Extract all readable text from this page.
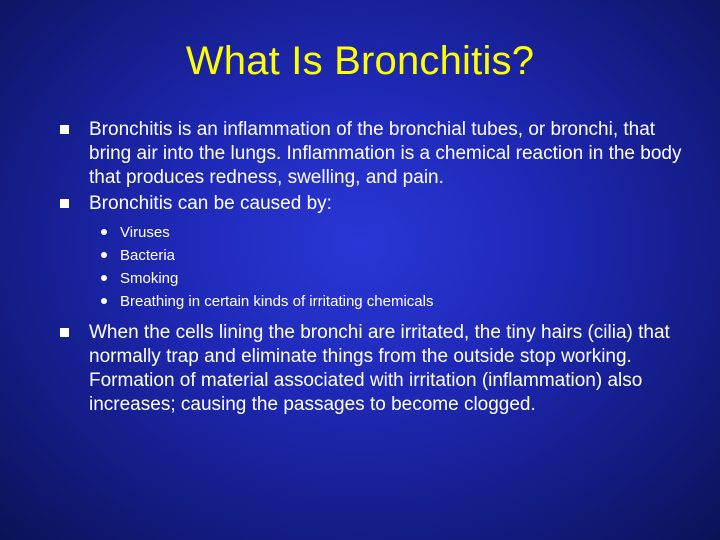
What Is Bronchitis?
Bronchitis is an inflammation of the bronchial tubes, or bronchi, that bring air into the lungs. Inflammation is a chemical reaction in the body that produces redness, swelling, and pain.
Bronchitis can be caused by:
Viruses
Bacteria
Smoking
Breathing in certain kinds of irritating chemicals
When the cells lining the bronchi are irritated, the tiny hairs (cilia) that normally trap and eliminate things from the outside stop working. Formation of material associated with irritation (inflammation) also increases; causing the passages to become clogged.
